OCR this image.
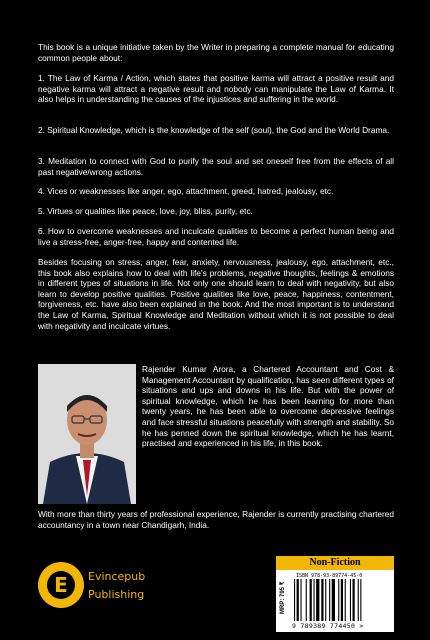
This book is a unique initiative taken by the Writer in preparing a complete manual for educating common people about:

1. The Law of Karma / Action, which states that positive karma will attract a positive result and negative karma will attract a negative result and nobody can manipulate the Law of Karma. It also helps in understanding the causes of the injustices and suffering in the world.

2. Spiritual Knowledge, which is the knowledge of the self (soul), the God and the World Drama.

3. Meditation to connect with God to purify the soul and set oneself free from the effects of all past negative/wrong actions.

4. Vices or weaknesses like anger, ego, attachment, greed, hatred, jealousy, etc.

5. Virtues or qualities like peace, love, joy, bliss, purity, etc.

6. How to overcome weaknesses and inculcate qualities to become a perfect human being and live a stress-free, anger-free, happy and contented life.

Besides focusing on stress, anger, fear, anxiety, nervousness, jealousy, ego, attachment, etc., this book also explains how to deal with life's problems, negative thoughts, feelings & emotions in different types of situations in life. Not only one should learn to deal with negativity, but also learn to develop positive qualities. Positive qualities like love, peace, happiness, contentment, forgiveness, etc. have also been explained in the book. And the most important is to understand the Law of Karma, Spiritual Knowledge and Meditation without which it is not possible to deal with negativity and inculcate virtues.

Rajender Kumar Arora, a Chartered Accountant and Cost & Management Accountant by qualification, has seen different types of situations and ups and downs in his life. But with the power of spiritual knowledge, which he has been learning for more than twenty years, he has been able to overcome depressive feelings and face stressful situations peacefully with strength and stability. So he has penned down the spiritual knowledge, which he has learnt, practised and experienced in his life, in this book.

With more than thirty years of professional experience, Rajender is currently practising chartered accountancy in a town near Chandigarh, India.

E	Evincepub
Publishing
Non-Fiction
ISBN 978-93-89774-45-0
MRP: 795 ₹
9 789389 774450 >
